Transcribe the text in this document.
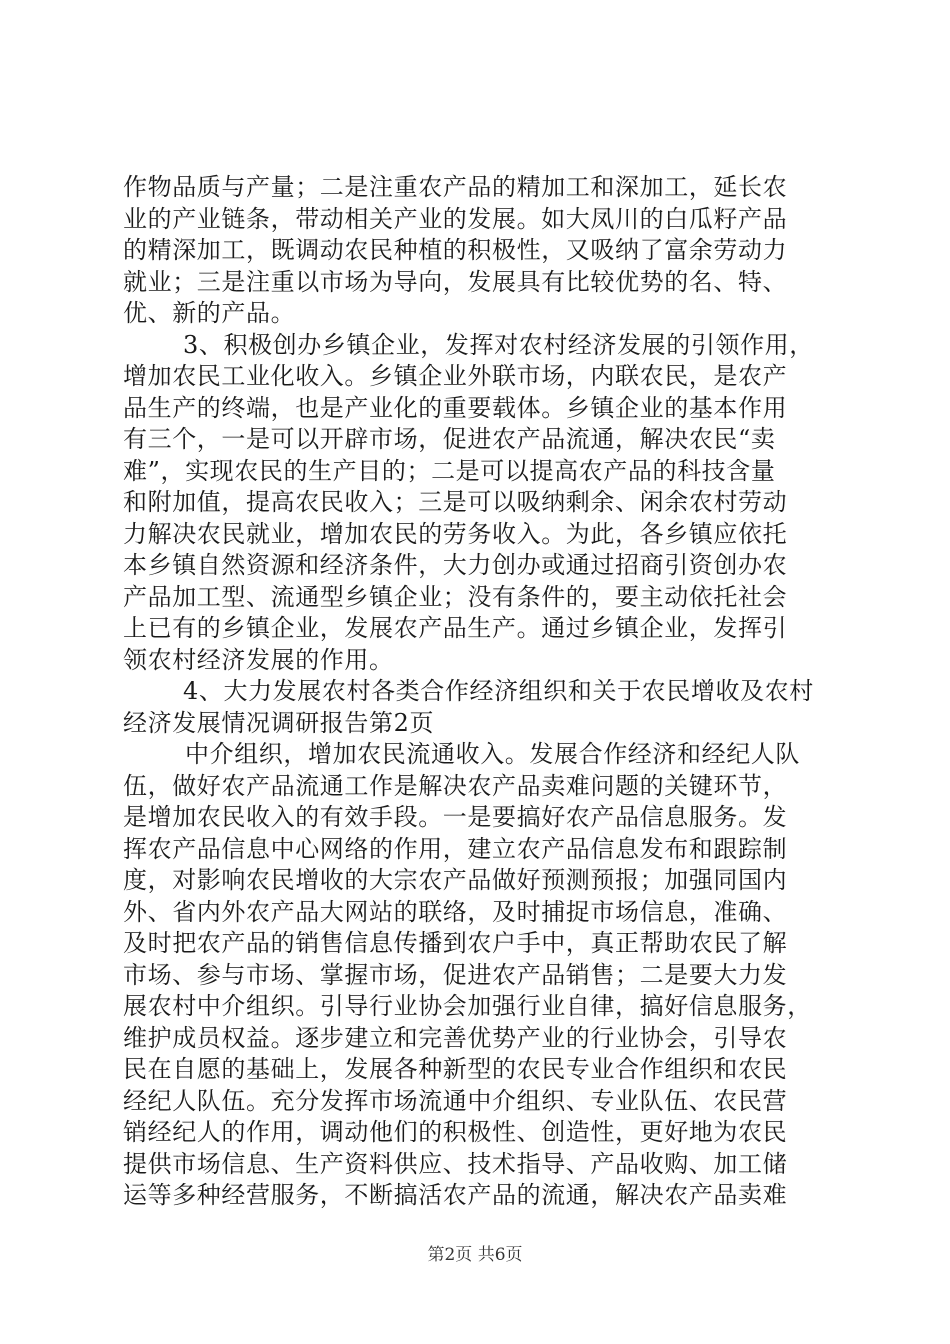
作物品质与产量；二是注重农产品的精加工和深加工，延长农
业的产业链条，带动相关产业的发展。如大凤川的白瓜籽产品
的精深加工，既调动农民种植的积极性，又吸纳了富余劳动力
就业；三是注重以市场为导向，发展具有比较优势的名、特、
优、新的产品。
3、积极创办乡镇企业，发挥对农村经济发展的引领作用，
增加农民工业化收入。乡镇企业外联市场，内联农民，是农产
品生产的终端，也是产业化的重要载体。乡镇企业的基本作用
有三个，一是可以开辟市场，促进农产品流通，解决农民“卖
难”，实现农民的生产目的；二是可以提高农产品的科技含量
和附加值，提高农民收入；三是可以吸纳剩余、闲余农村劳动
力解决农民就业，增加农民的劳务收入。为此，各乡镇应依托
本乡镇自然资源和经济条件，大力创办或通过招商引资创办农
产品加工型、流通型乡镇企业；没有条件的，要主动依托社会
上已有的乡镇企业，发展农产品生产。通过乡镇企业，发挥引
领农村经济发展的作用。
4、大力发展农村各类合作经济组织和关于农民增收及农村
经济发展情况调研报告第2页
中介组织，增加农民流通收入。发展合作经济和经纪人队
伍，做好农产品流通工作是解决农产品卖难问题的关键环节，
是增加农民收入的有效手段。一是要搞好农产品信息服务。发
挥农产品信息中心网络的作用，建立农产品信息发布和跟踪制
度，对影响农民增收的大宗农产品做好预测预报；加强同国内
外、省内外农产品大网站的联络，及时捕捉市场信息，准确、
及时把农产品的销售信息传播到农户手中，真正帮助农民了解
市场、参与市场、掌握市场，促进农产品销售；二是要大力发
展农村中介组织。引导行业协会加强行业自律，搞好信息服务，
维护成员权益。逐步建立和完善优势产业的行业协会，引导农
民在自愿的基础上，发展各种新型的农民专业合作组织和农民
经纪人队伍。充分发挥市场流通中介组织、专业队伍、农民营
销经纪人的作用，调动他们的积极性、创造性，更好地为农民
提供市场信息、生产资料供应、技术指导、产品收购、加工储
运等多种经营服务，不断搞活农产品的流通，解决农产品卖难
第2页 共6页
